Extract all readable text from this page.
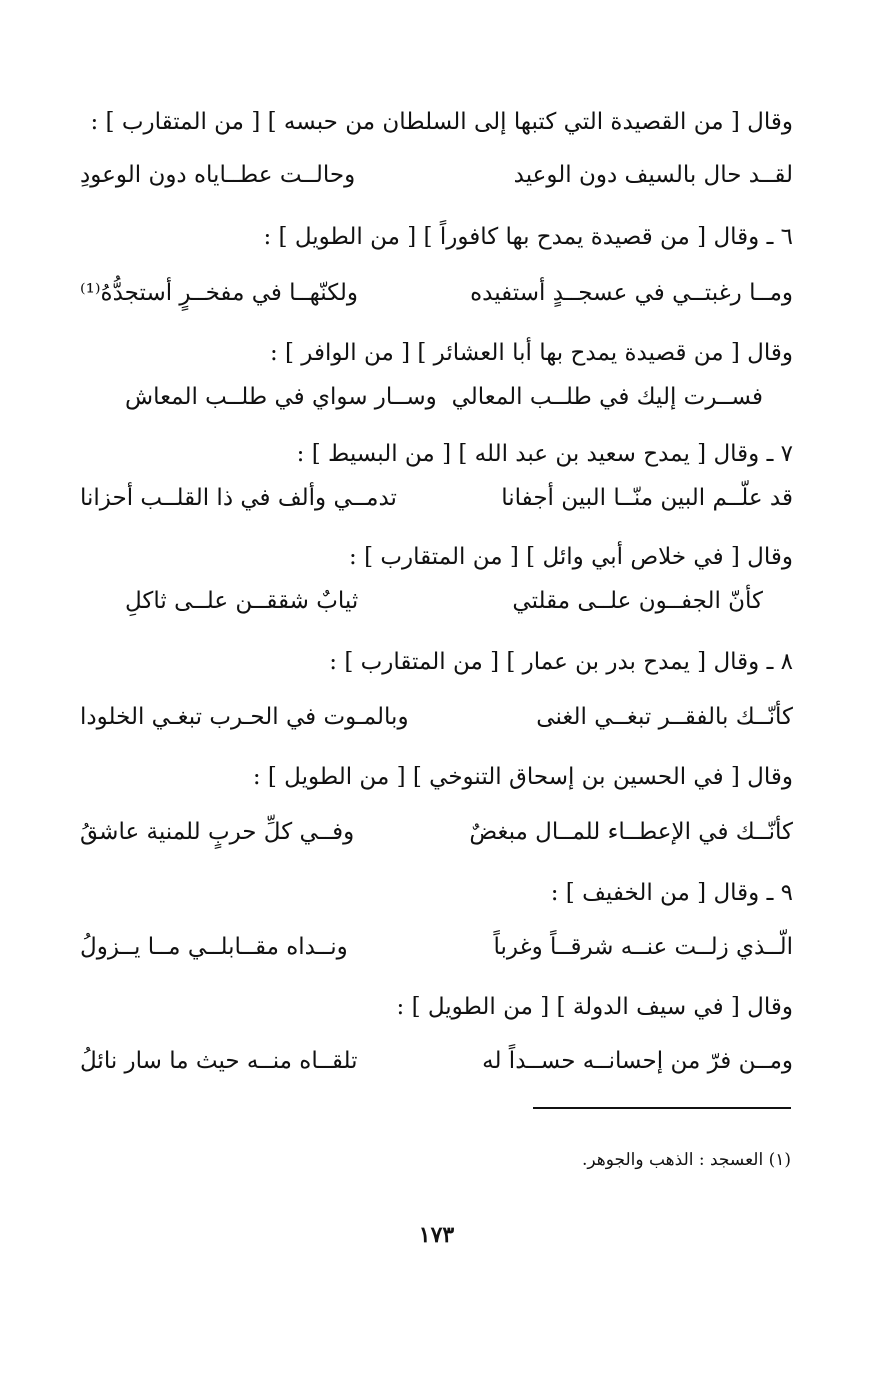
وقال [ من القصيدة التي كتبها إلى السلطان من حبسه ] [ من المتقارب ] :
لقــد حال بالسيف دون الوعيد
وحالــت عطــاياه دون الوعودِ
٦ ـ وقال [ من قصيدة يمدح بها كافوراً ] [ من الطويل ] :
ومــا رغبتــي في عسجــدٍ أستفيده
ولكنّهــا في مفخــرٍ أستجدُّهُ⁽¹⁾
وقال [ من قصيدة يمدح بها أبا العشائر ] [ من الوافر ] :
فســرت إليك في طلــب المعالي
وســار سواي في طلــب المعاش
٧ ـ وقال [ يمدح سعيد بن عبد الله ] [ من البسيط ] :
قد علّــم البين منّــا البين أجفانا
تدمــي وألف في ذا القلــب أحزانا
وقال [ في خلاص أبي وائل ] [ من المتقارب ] :
كأنّ الجفــون علــى مقلتي
ثيابٌ شققــن علــى ثاكلِ
٨ ـ وقال [ يمدح بدر بن عمار ] [ من المتقارب ] :
كأنّــك بالفقــر تبغــي الغنى
وبالمـوت في الحـرب تبغـي الخلودا
وقال [ في الحسين بن إسحاق التنوخي ] [ من الطويل ] :
كأنّــك في الإعطــاء للمــال مبغضٌ
وفــي كلِّ حربٍ للمنية عاشقُ
٩ ـ وقال [ من الخفيف ] :
الّــذي زلــت عنــه شرقــاً وغرباً
ونــداه مقــابلــي مــا يــزولُ
وقال [ في سيف الدولة ] [ من الطويل ] :
ومــن فرّ من إحسانــه حســداً له
تلقــاه منــه حيث ما سار نائلُ
(١) العسجد : الذهب والجوهر.
١٧٣
